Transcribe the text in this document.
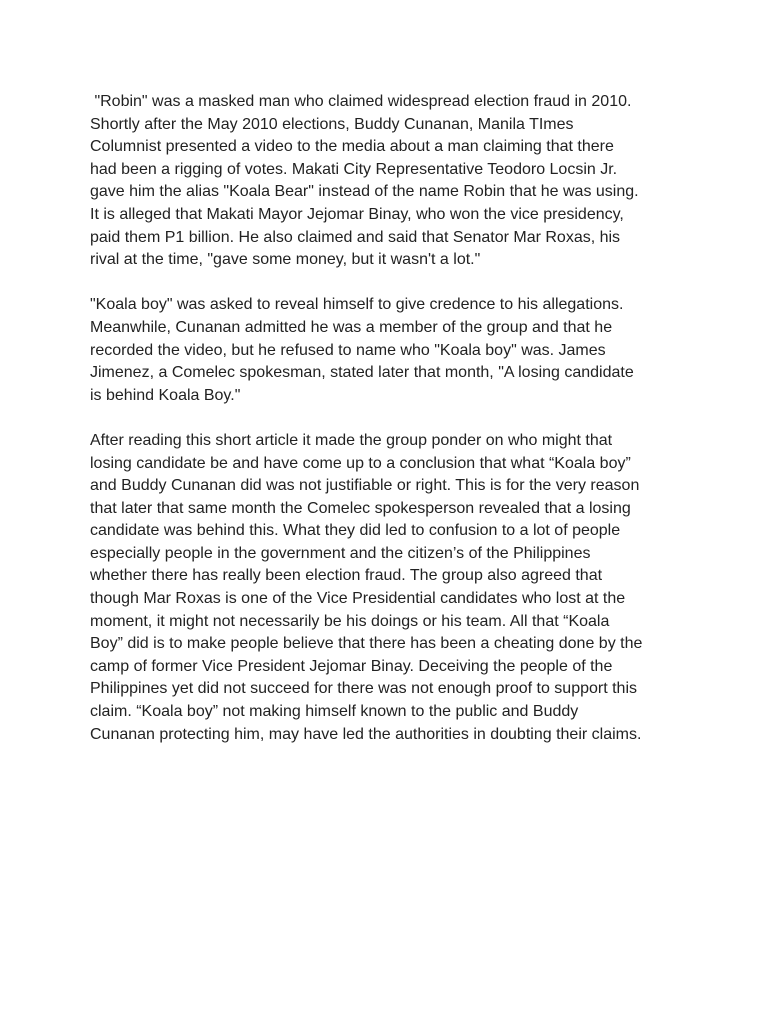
"Robin" was a masked man who claimed widespread election fraud in 2010.
Shortly after the May 2010 elections, Buddy Cunanan, Manila TImes
Columnist presented a video to the media about a man claiming that there
had been a rigging of votes. Makati City Representative Teodoro Locsin Jr.
gave him the alias "Koala Bear" instead of the name Robin that he was using.
It is alleged that Makati Mayor Jejomar Binay, who won the vice presidency,
paid them P1 billion. He also claimed and said that Senator Mar Roxas, his
rival at the time, "gave some money, but it wasn't a lot."

"Koala boy" was asked to reveal himself to give credence to his allegations.
Meanwhile, Cunanan admitted he was a member of the group and that he
recorded the video, but he refused to name who "Koala boy" was. James
Jimenez, a Comelec spokesman, stated later that month, "A losing candidate
is behind Koala Boy."

After reading this short article it made the group ponder on who might that
losing candidate be and have come up to a conclusion that what “Koala boy”
and Buddy Cunanan did was not justifiable or right. This is for the very reason
that later that same month the Comelec spokesperson revealed that a losing
candidate was behind this. What they did led to confusion to a lot of people
especially people in the government and the citizen’s of the Philippines
whether there has really been election fraud. The group also agreed that
though Mar Roxas is one of the Vice Presidential candidates who lost at the
moment, it might not necessarily be his doings or his team. All that “Koala
Boy” did is to make people believe that there has been a cheating done by the
camp of former Vice President Jejomar Binay. Deceiving the people of the
Philippines yet did not succeed for there was not enough proof to support this
claim. “Koala boy” not making himself known to the public and Buddy
Cunanan protecting him, may have led the authorities in doubting their claims.
